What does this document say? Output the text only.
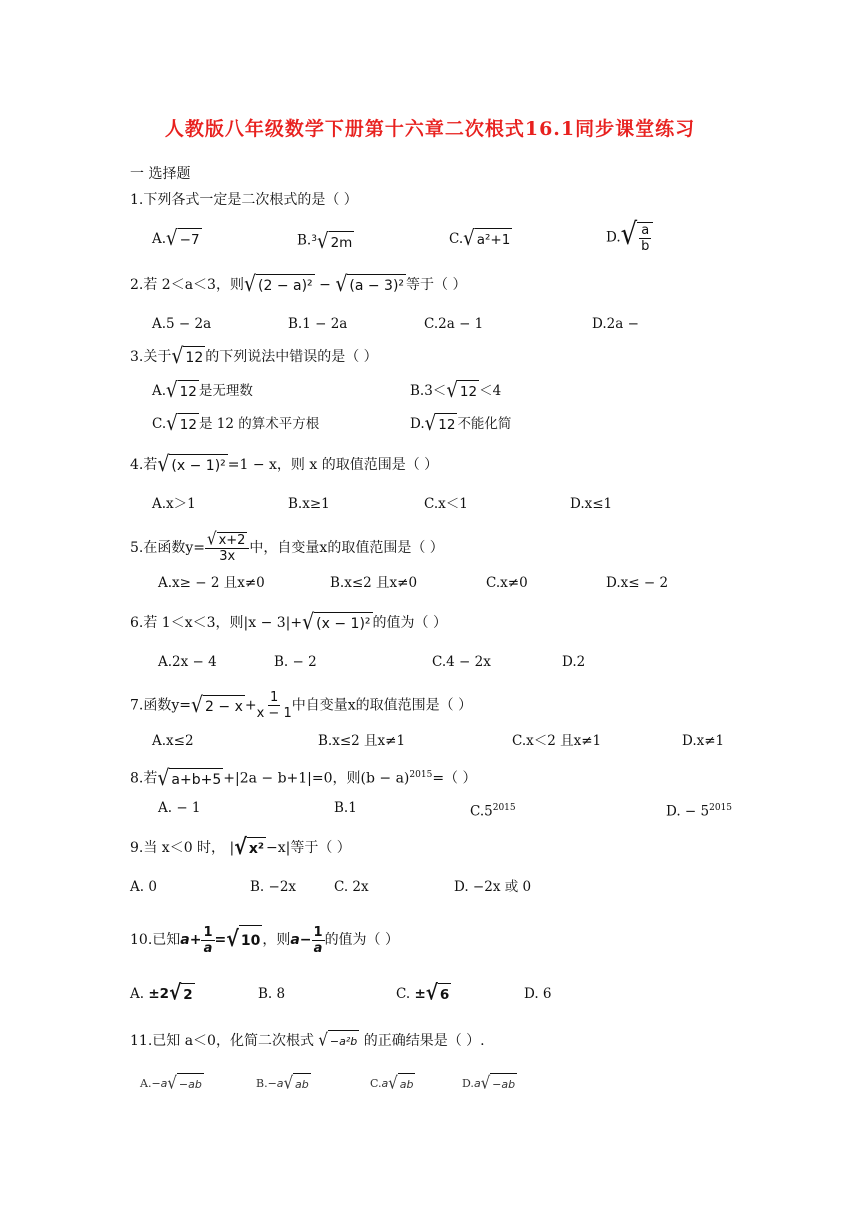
人教版八年级数学下册第十六章二次根式16.1同步课堂练习
一 选择题
1.下列各式一定是二次根式的是（ ）
A.√ −7	B.$^3$√ 2m	C.√ a²+1	$D.√ \frac{a}{b}$
2.若 2＜a＜3，则√ (2 − a)² − √ (a − 3)² 等于（ ）
A.5 − 2a	B.1 − 2a	C.2a − 1	D.2a −
3.关于√ 12 的下列说法中错误的是（ ）
A.√ 12 是无理数	B.3＜√ 12 ＜4
C.√ 12 是 12 的算术平方根	D.√ 12 不能化简
4.若√ (x − 1)² =1 − x，则 x 的取值范围是（ ）
A.x＞1	B.x≥1	C.x＜1	D.x≤1
5.在函数$y= \frac{√ x+2}{3x}$ 中，自变量x的取值范围是（ ）
A.x≥ − 2 且x≠0	B.x≤2 且x≠0	C.x≠0	D.x≤ − 2
6.若 1＜x＜3，则|x − 3|+√ (x − 1)² 的值为（ ）
A.2x − 4	B. − 2	C.4 − 2x	D.2
7.函数y=√ $2 - x + \frac{1}{x - 1}$ 中自变量x的取值范围是（ ）
A.x≤2	B.x≤2 且x≠1	C.x＜2 且x≠1	D.x≠1
8.若√ a+b+5 +|2a − b+1|=0，则$(b - a)^{2015}=$（ ）
A. − 1	B.1	$C.5^{2015}$	D. − $5^{2015}$
9.当 x＜0 时， |√ x² −x|等于（ ）
A. 0	B. −2x	C. 2x	D. −2x 或 0
10.已知$a+ \frac{1}{a}$ =√ 10 ，则$a- \frac{1}{a}$ 的值为（ ）
A. ±2√ 2	B. 8	C. ±√ 6	D. 6
11.已知 a＜0，化简二次根式 √ −a²b 的正确结果是（ ）.
A.−a√ −ab	B.−a√ ab	C.a√ ab	D.a√ −ab
